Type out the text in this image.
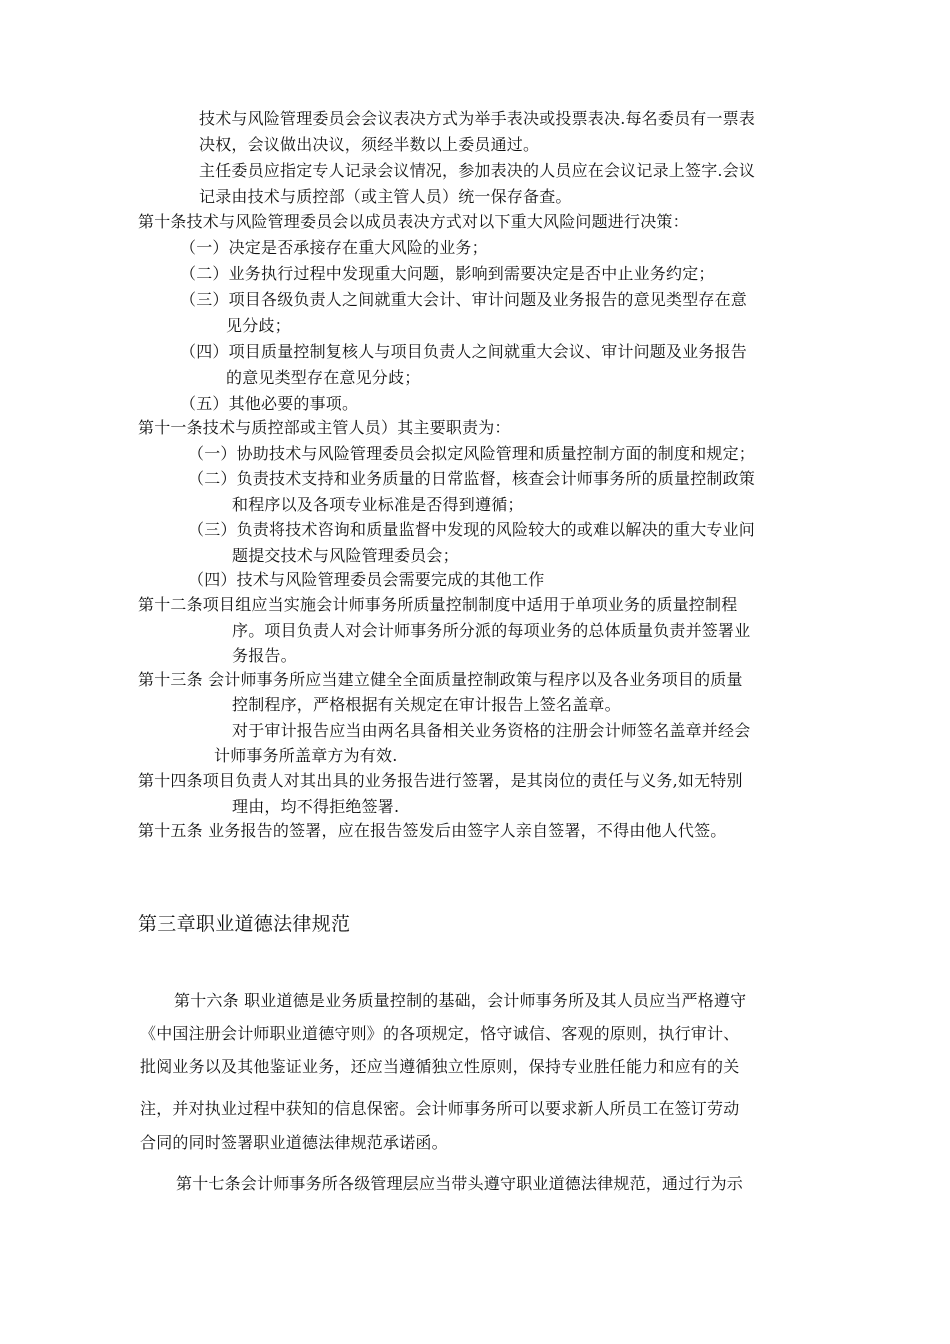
技术与风险管理委员会会议表决方式为举手表决或投票表决.每名委员有一票表
决权，会议做出决议，须经半数以上委员通过。
主任委员应指定专人记录会议情况，参加表决的人员应在会议记录上签字.会议
记录由技术与质控部（或主管人员）统一保存备查。
第十条技术与风险管理委员会以成员表决方式对以下重大风险问题进行决策：
（一）决定是否承接存在重大风险的业务；
（二）业务执行过程中发现重大问题，影响到需要决定是否中止业务约定；
（三）项目各级负责人之间就重大会计、审计问题及业务报告的意见类型存在意
见分歧；
（四）项目质量控制复核人与项目负责人之间就重大会议、审计问题及业务报告
的意见类型存在意见分歧；
（五）其他必要的事项。
第十一条技术与质控部或主管人员）其主要职责为：
（一）协助技术与风险管理委员会拟定风险管理和质量控制方面的制度和规定；
（二）负责技术支持和业务质量的日常监督，核查会计师事务所的质量控制政策
和程序以及各项专业标准是否得到遵循；
（三）负责将技术咨询和质量监督中发现的风险较大的或难以解决的重大专业问
题提交技术与风险管理委员会；
（四）技术与风险管理委员会需要完成的其他工作
第十二条项目组应当实施会计师事务所质量控制制度中适用于单项业务的质量控制程
序。项目负责人对会计师事务所分派的每项业务的总体质量负责并签署业
务报告。
第十三条 会计师事务所应当建立健全全面质量控制政策与程序以及各业务项目的质量
控制程序，严格根据有关规定在审计报告上签名盖章。
对于审计报告应当由两名具备相关业务资格的注册会计师签名盖章并经会
计师事务所盖章方为有效.
第十四条项目负责人对其出具的业务报告进行签署，是其岗位的责任与义务,如无特别
理由，均不得拒绝签署.
第十五条 业务报告的签署，应在报告签发后由签字人亲自签署，不得由他人代签。
第三章职业道德法律规范
第十六条 职业道德是业务质量控制的基础，会计师事务所及其人员应当严格遵守
《中国注册会计师职业道德守则》的各项规定，恪守诚信、客观的原则，执行审计、
批阅业务以及其他鉴证业务，还应当遵循独立性原则，保持专业胜任能力和应有的关
注，并对执业过程中获知的信息保密。会计师事务所可以要求新人所员工在签订劳动
合同的同时签署职业道德法律规范承诺函。
第十七条会计师事务所各级管理层应当带头遵守职业道德法律规范，通过行为示
